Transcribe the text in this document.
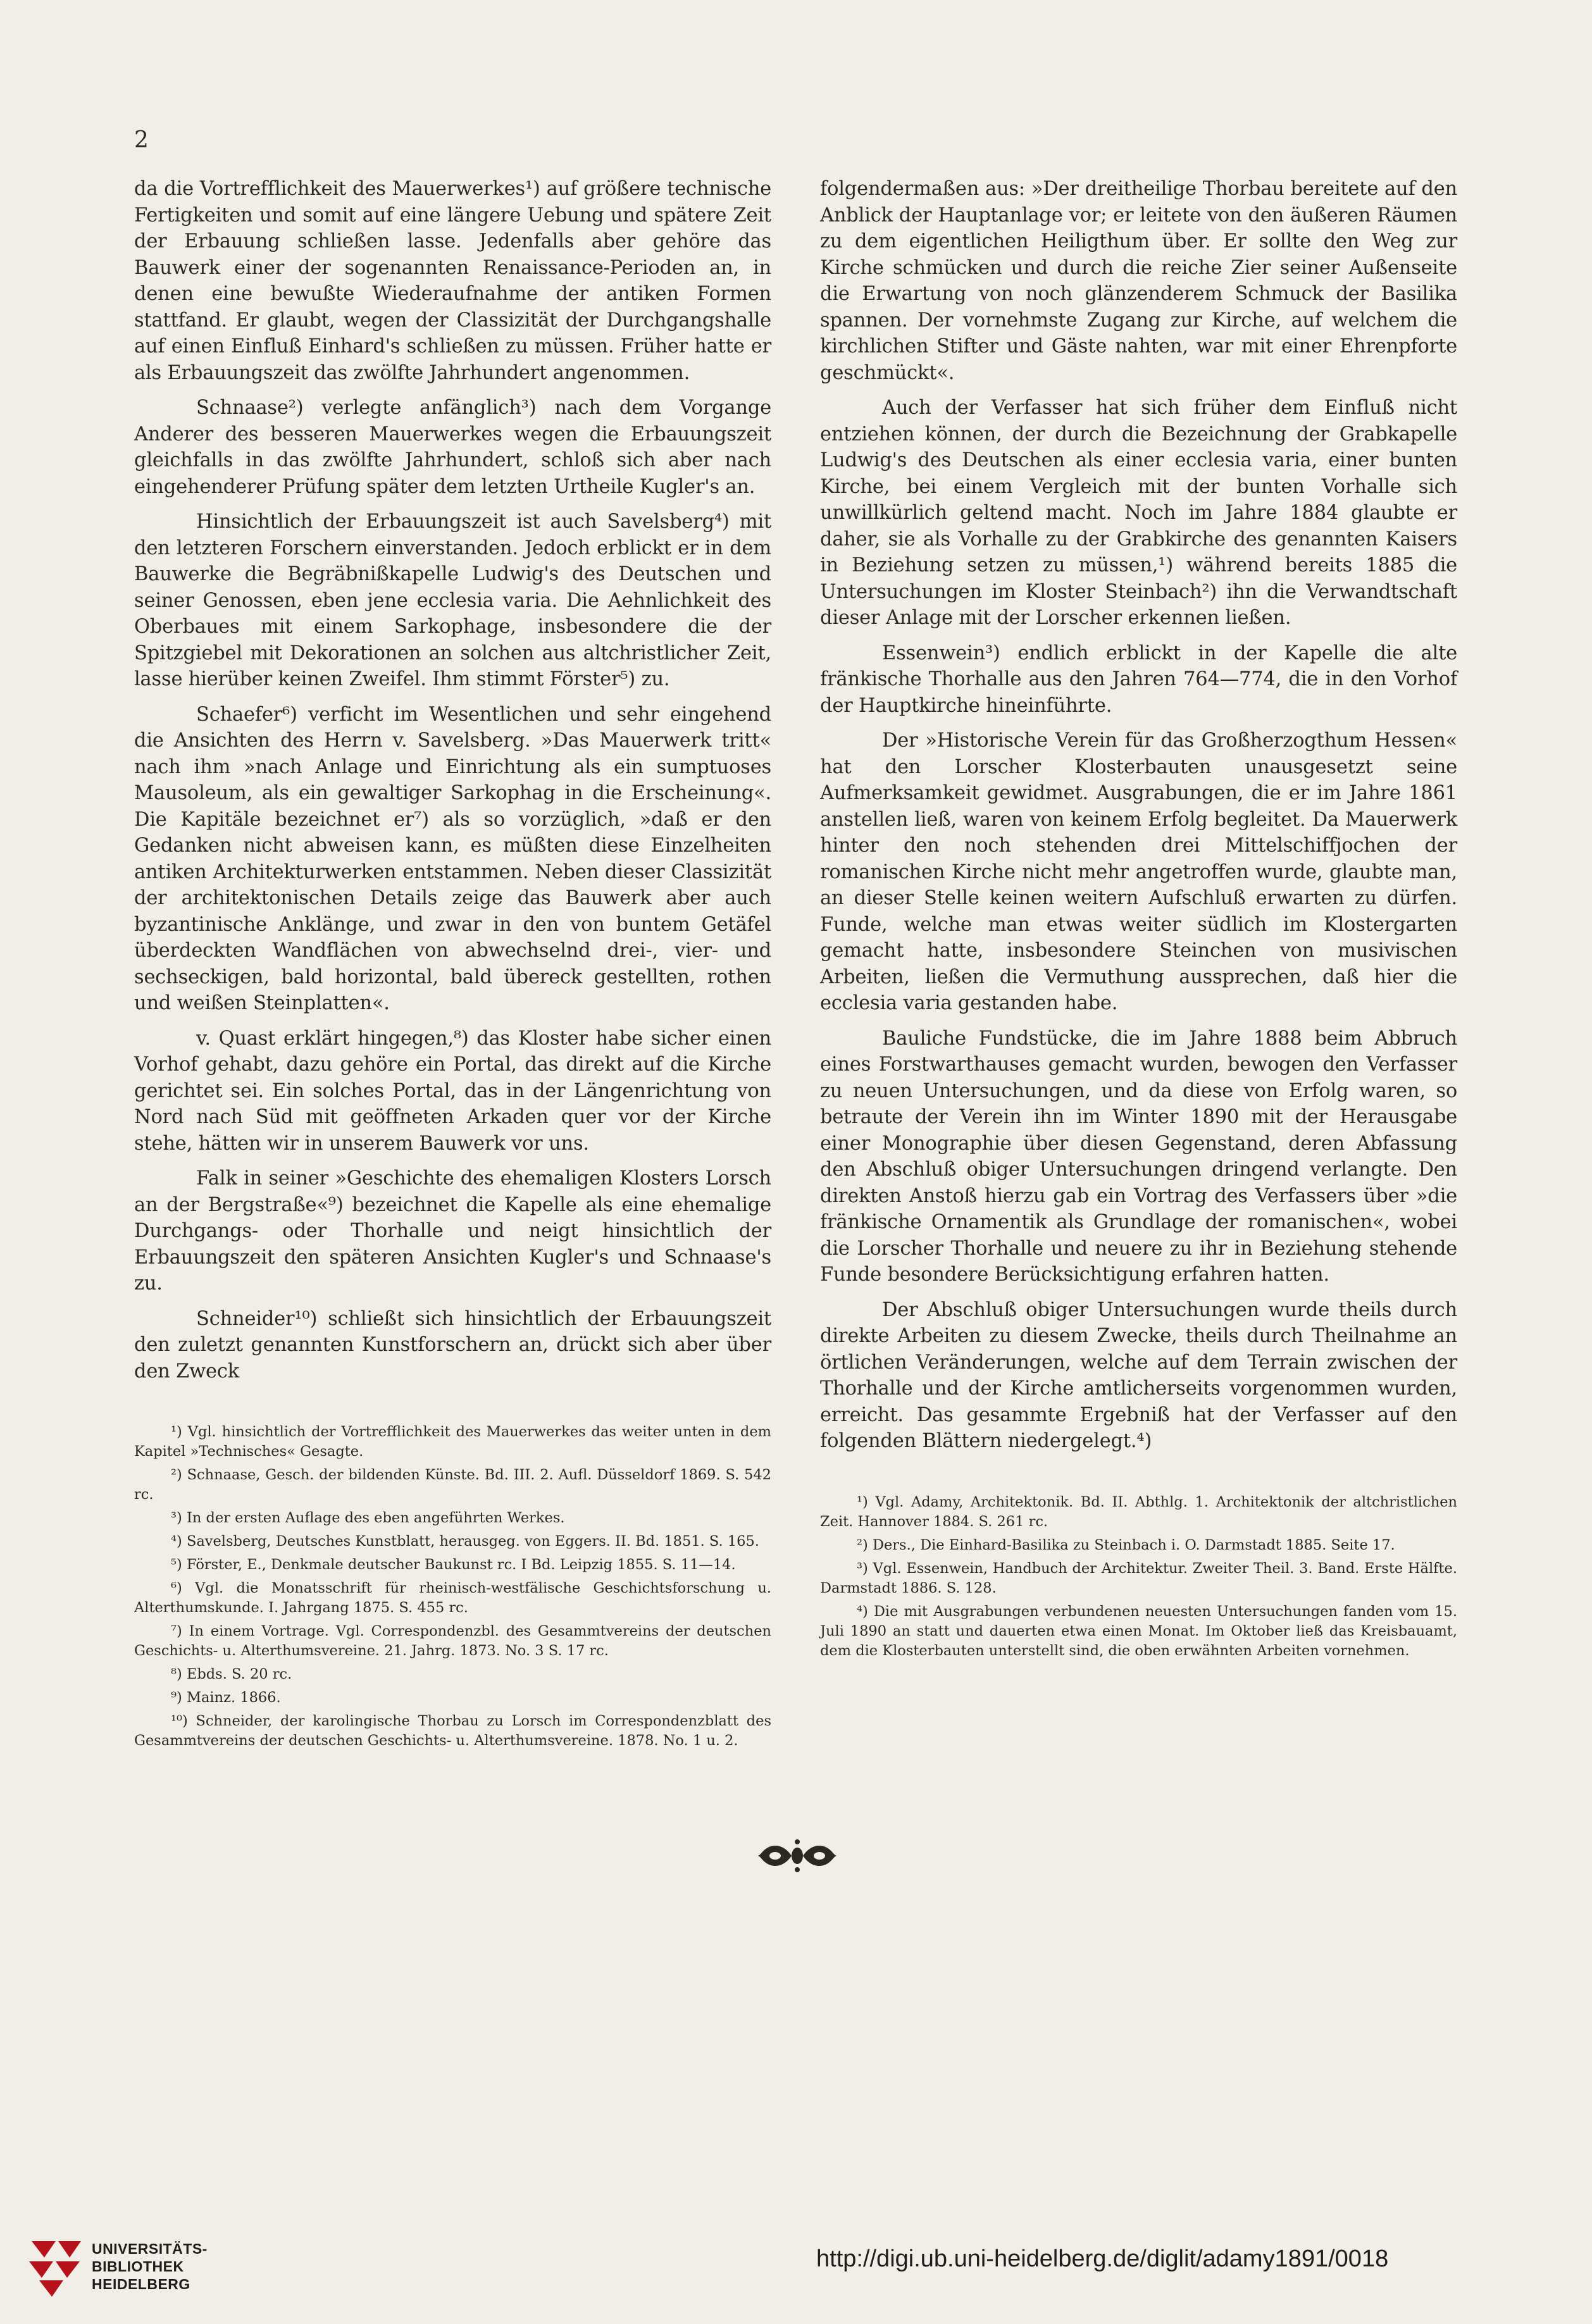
2

da die Vortrefflichkeit des Mauerwerkes¹) auf größere technische Fertigkeiten und somit auf eine längere Uebung und spätere Zeit der Erbauung schließen lasse. Jedenfalls aber gehöre das Bauwerk einer der sogenannten Renaissance-Perioden an, in denen eine bewußte Wiederaufnahme der antiken Formen stattfand. Er glaubt, wegen der Classizität der Durchgangshalle auf einen Einfluß Einhard's schließen zu müssen. Früher hatte er als Erbauungszeit das zwölfte Jahrhundert angenommen.

Schnaase²) verlegte anfänglich³) nach dem Vorgange Anderer des besseren Mauerwerkes wegen die Erbauungszeit gleichfalls in das zwölfte Jahrhundert, schloß sich aber nach eingehenderer Prüfung später dem letzten Urtheile Kugler's an.

Hinsichtlich der Erbauungszeit ist auch Savelsberg⁴) mit den letzteren Forschern einverstanden. Jedoch erblickt er in dem Bauwerke die Begräbnißkapelle Ludwig's des Deutschen und seiner Genossen, eben jene ecclesia varia. Die Aehnlichkeit des Oberbaues mit einem Sarkophage, insbesondere die der Spitzgiebel mit Dekorationen an solchen aus altchristlicher Zeit, lasse hierüber keinen Zweifel. Ihm stimmt Förster⁵) zu.

Schaefer⁶) verficht im Wesentlichen und sehr eingehend die Ansichten des Herrn v. Savelsberg. »Das Mauerwerk tritt« nach ihm »nach Anlage und Einrichtung als ein sumptuoses Mausoleum, als ein gewaltiger Sarkophag in die Erscheinung«. Die Kapitäle bezeichnet er⁷) als so vorzüglich, »daß er den Gedanken nicht abweisen kann, es müßten diese Einzelheiten antiken Architekturwerken entstammen. Neben dieser Classizität der architektonischen Details zeige das Bauwerk aber auch byzantinische Anklänge, und zwar in den von buntem Getäfel überdeckten Wandflächen von abwechselnd drei-, vier- und sechseckigen, bald horizontal, bald übereck gestellten, rothen und weißen Steinplatten«.

v. Quast erklärt hingegen,⁸) das Kloster habe sicher einen Vorhof gehabt, dazu gehöre ein Portal, das direkt auf die Kirche gerichtet sei. Ein solches Portal, das in der Längenrichtung von Nord nach Süd mit geöffneten Arkaden quer vor der Kirche stehe, hätten wir in unserem Bauwerk vor uns.

Falk in seiner »Geschichte des ehemaligen Klosters Lorsch an der Bergstraße«⁹) bezeichnet die Kapelle als eine ehemalige Durchgangs- oder Thorhalle und neigt hinsichtlich der Erbauungszeit den späteren Ansichten Kugler's und Schnaase's zu.

Schneider¹⁰) schließt sich hinsichtlich der Erbauungszeit den zuletzt genannten Kunstforschern an, drückt sich aber über den Zweck

¹) Vgl. hinsichtlich der Vortrefflichkeit des Mauerwerkes das weiter unten in dem Kapitel »Technisches« Gesagte.

²) Schnaase, Gesch. der bildenden Künste. Bd. III. 2. Aufl. Düsseldorf 1869. S. 542 rc.

³) In der ersten Auflage des eben angeführten Werkes.

⁴) Savelsberg, Deutsches Kunstblatt, herausgeg. von Eggers. II. Bd. 1851. S. 165.

⁵) Förster, E., Denkmale deutscher Baukunst rc. I Bd. Leipzig 1855. S. 11—14.

⁶) Vgl. die Monatsschrift für rheinisch-westfälische Geschichtsforschung u. Alterthumskunde. I. Jahrgang 1875. S. 455 rc.

⁷) In einem Vortrage. Vgl. Correspondenzbl. des Gesammtvereins der deutschen Geschichts- u. Alterthumsvereine. 21. Jahrg. 1873. No. 3 S. 17 rc.

⁸) Ebds. S. 20 rc.

⁹) Mainz. 1866.

¹⁰) Schneider, der karolingische Thorbau zu Lorsch im Correspondenzblatt des Gesammtvereins der deutschen Geschichts- u. Alterthumsvereine. 1878. No. 1 u. 2.

folgendermaßen aus: »Der dreitheilige Thorbau bereitete auf den Anblick der Hauptanlage vor; er leitete von den äußeren Räumen zu dem eigentlichen Heiligthum über. Er sollte den Weg zur Kirche schmücken und durch die reiche Zier seiner Außenseite die Erwartung von noch glänzenderem Schmuck der Basilika spannen. Der vornehmste Zugang zur Kirche, auf welchem die kirchlichen Stifter und Gäste nahten, war mit einer Ehrenpforte geschmückt«.

Auch der Verfasser hat sich früher dem Einfluß nicht entziehen können, der durch die Bezeichnung der Grabkapelle Ludwig's des Deutschen als einer ecclesia varia, einer bunten Kirche, bei einem Vergleich mit der bunten Vorhalle sich unwillkürlich geltend macht. Noch im Jahre 1884 glaubte er daher, sie als Vorhalle zu der Grabkirche des genannten Kaisers in Beziehung setzen zu müssen,¹) während bereits 1885 die Untersuchungen im Kloster Steinbach²) ihn die Verwandtschaft dieser Anlage mit der Lorscher erkennen ließen.

Essenwein³) endlich erblickt in der Kapelle die alte fränkische Thorhalle aus den Jahren 764—774, die in den Vorhof der Hauptkirche hineinführte.

Der »Historische Verein für das Großherzogthum Hessen« hat den Lorscher Klosterbauten unausgesetzt seine Aufmerksamkeit gewidmet. Ausgrabungen, die er im Jahre 1861 anstellen ließ, waren von keinem Erfolg begleitet. Da Mauerwerk hinter den noch stehenden drei Mittelschiffjochen der romanischen Kirche nicht mehr angetroffen wurde, glaubte man, an dieser Stelle keinen weitern Aufschluß erwarten zu dürfen. Funde, welche man etwas weiter südlich im Klostergarten gemacht hatte, insbesondere Steinchen von musivischen Arbeiten, ließen die Vermuthung aussprechen, daß hier die ecclesia varia gestanden habe.

Bauliche Fundstücke, die im Jahre 1888 beim Abbruch eines Forstwarthauses gemacht wurden, bewogen den Verfasser zu neuen Untersuchungen, und da diese von Erfolg waren, so betraute der Verein ihn im Winter 1890 mit der Herausgabe einer Monographie über diesen Gegenstand, deren Abfassung den Abschluß obiger Untersuchungen dringend verlangte. Den direkten Anstoß hierzu gab ein Vortrag des Verfassers über »die fränkische Ornamentik als Grundlage der romanischen«, wobei die Lorscher Thorhalle und neuere zu ihr in Beziehung stehende Funde besondere Berücksichtigung erfahren hatten.

Der Abschluß obiger Untersuchungen wurde theils durch direkte Arbeiten zu diesem Zwecke, theils durch Theilnahme an örtlichen Veränderungen, welche auf dem Terrain zwischen der Thorhalle und der Kirche amtlicherseits vorgenommen wurden, erreicht. Das gesammte Ergebniß hat der Verfasser auf den folgenden Blättern niedergelegt.⁴)

¹) Vgl. Adamy, Architektonik. Bd. II. Abthlg. 1. Architektonik der altchristlichen Zeit. Hannover 1884. S. 261 rc.

²) Ders., Die Einhard-Basilika zu Steinbach i. O. Darmstadt 1885. Seite 17.

³) Vgl. Essenwein, Handbuch der Architektur. Zweiter Theil. 3. Band. Erste Hälfte. Darmstadt 1886. S. 128.

⁴) Die mit Ausgrabungen verbundenen neuesten Untersuchungen fanden vom 15. Juli 1890 an statt und dauerten etwa einen Monat. Im Oktober ließ das Kreisbauamt, dem die Klosterbauten unterstellt sind, die oben erwähnten Arbeiten vornehmen.

UNIVERSITÄTS-
BIBLIOTHEK
HEIDELBERG
http://digi.ub.uni-heidelberg.de/diglit/adamy1891/0018
